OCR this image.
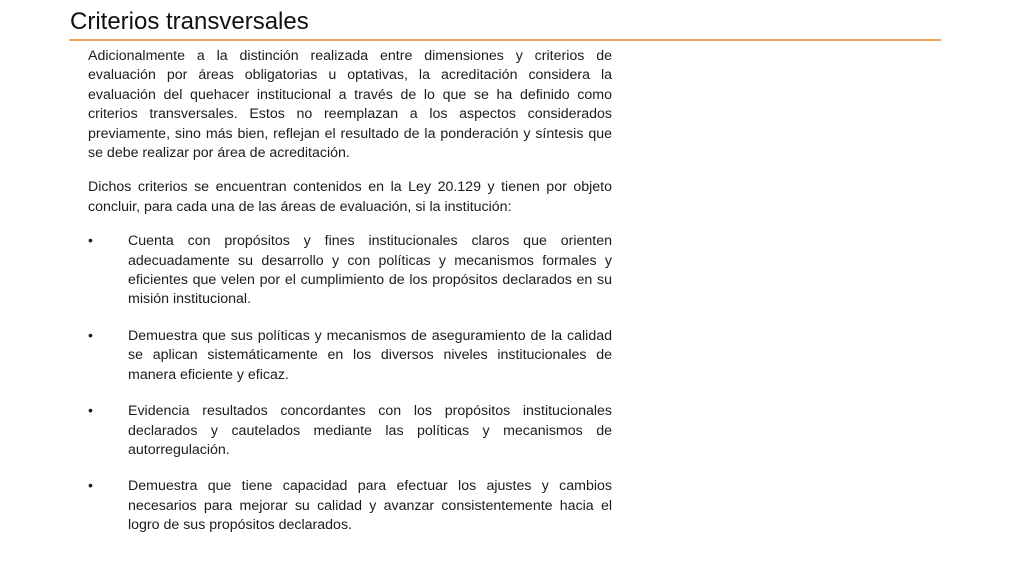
Criterios transversales

Adicionalmente a la distinción realizada entre dimensiones y criterios de evaluación por áreas obligatorias u optativas, la acreditación considera la evaluación del quehacer institucional a través de lo que se ha definido como criterios transversales. Estos no reemplazan a los aspectos considerados previamente, sino más bien, reflejan el resultado de la ponderación y síntesis que se debe realizar por área de acreditación.

Dichos criterios se encuentran contenidos en la Ley 20.129 y tienen por objeto concluir, para cada una de las áreas de evaluación, si la institución:

•	Cuenta con propósitos y fines institucionales claros que orienten adecuadamente su desarrollo y con políticas y mecanismos formales y eficientes que velen por el cumplimiento de los propósitos declarados en su misión institucional.
•	Demuestra que sus políticas y mecanismos de aseguramiento de la calidad se aplican sistemáticamente en los diversos niveles institucionales de manera eficiente y eficaz.
•	Evidencia resultados concordantes con los propósitos institucionales declarados y cautelados mediante las políticas y mecanismos de autorregulación.
•	Demuestra que tiene capacidad para efectuar los ajustes y cambios necesarios para mejorar su calidad y avanzar consistentemente hacia el logro de sus propósitos declarados.
